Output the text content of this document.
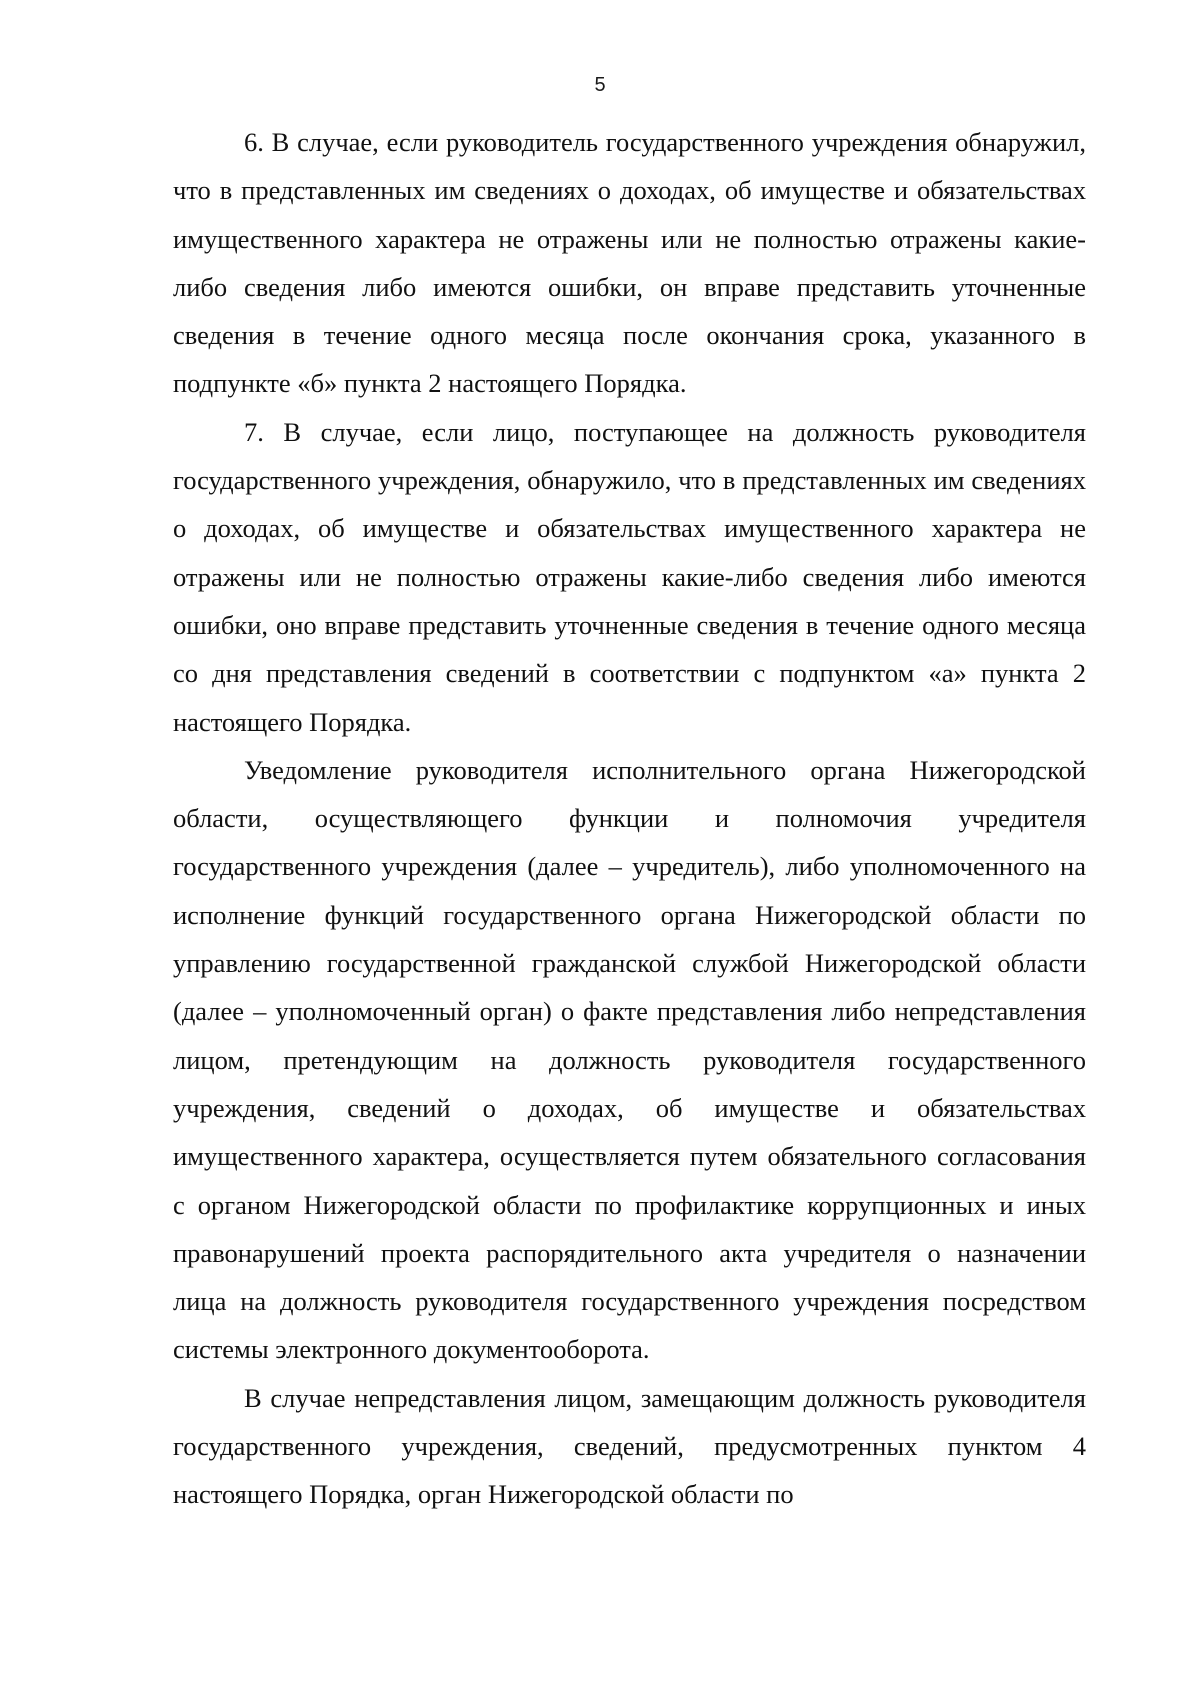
5

6. В случае, если руководитель государственного учреждения обнаружил, что в представленных им сведениях о доходах, об имуществе и обязательствах имущественного характера не отражены или не полностью отражены какие-либо сведения либо имеются ошибки, он вправе представить уточненные сведения в течение одного месяца после окончания срока, указанного в подпункте «б» пункта 2 настоящего Порядка.

7. В случае, если лицо, поступающее на должность руководителя государственного учреждения, обнаружило, что в представленных им сведениях о доходах, об имуществе и обязательствах имущественного характера не отражены или не полностью отражены какие-либо сведения либо имеются ошибки, оно вправе представить уточненные сведения в течение одного месяца со дня представления сведений в соответствии с подпунктом «а» пункта 2 настоящего Порядка.

Уведомление руководителя исполнительного органа Нижегородской области, осуществляющего функции и полномочия учредителя государственного учреждения (далее – учредитель), либо уполномоченного на исполнение функций государственного органа Нижегородской области по управлению государственной гражданской службой Нижегородской области (далее – уполномоченный орган) о факте представления либо непредставления лицом, претендующим на должность руководителя государственного учреждения, сведений о доходах, об имуществе и обязательствах имущественного характера, осуществляется путем обязательного согласования с органом Нижегородской области по профилактике коррупционных и иных правонарушений проекта распорядительного акта учредителя о назначении лица на должность руководителя государственного учреждения посредством системы электронного документооборота.

В случае непредставления лицом, замещающим должность руководителя государственного учреждения, сведений, предусмотренных пунктом 4 настоящего Порядка, орган Нижегородской области по
